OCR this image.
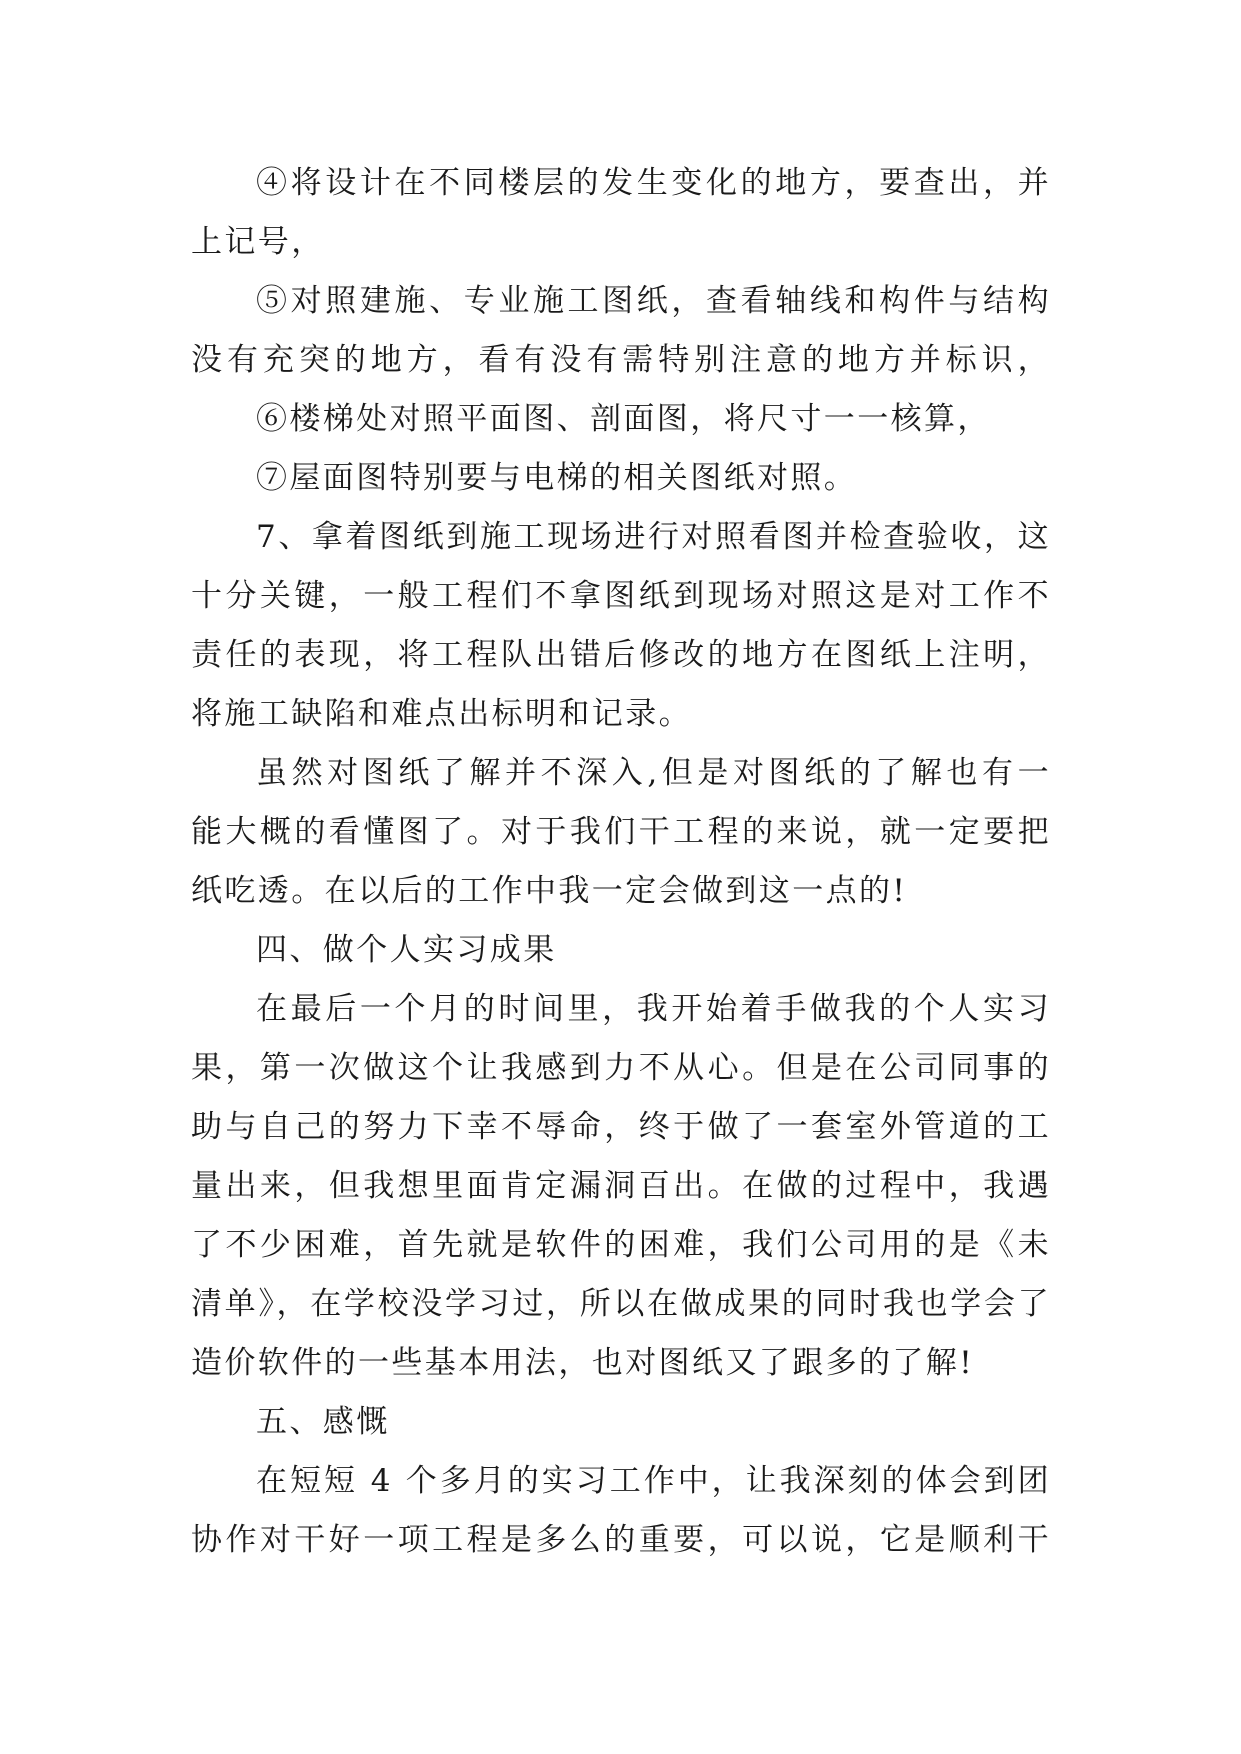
④将设计在不同楼层的发生变化的地方，要查出，并

上记号，

⑤对照建施、专业施工图纸，查看轴线和构件与结构

没有充突的地方，看有没有需特别注意的地方并标识，

⑥楼梯处对照平面图、剖面图，将尺寸一一核算，

⑦屋面图特别要与电梯的相关图纸对照。

7、拿着图纸到施工现场进行对照看图并检查验收，这

十分关键，一般工程们不拿图纸到现场对照这是对工作不

责任的表现，将工程队出错后修改的地方在图纸上注明，

将施工缺陷和难点出标明和记录。

虽然对图纸了解并不深入,但是对图纸的了解也有一

能大概的看懂图了。对于我们干工程的来说，就一定要把

纸吃透。在以后的工作中我一定会做到这一点的!

四、做个人实习成果

在最后一个月的时间里，我开始着手做我的个人实习

果，第一次做这个让我感到力不从心。但是在公司同事的

助与自己的努力下幸不辱命，终于做了一套室外管道的工

量出来，但我想里面肯定漏洞百出。在做的过程中，我遇

了不少困难，首先就是软件的困难，我们公司用的是《未

清单》，在学校没学习过，所以在做成果的同时我也学会了

造价软件的一些基本用法，也对图纸又了跟多的了解!

五、感慨

在短短 4 个多月的实习工作中，让我深刻的体会到团

协作对干好一项工程是多么的重要，可以说，它是顺利干
